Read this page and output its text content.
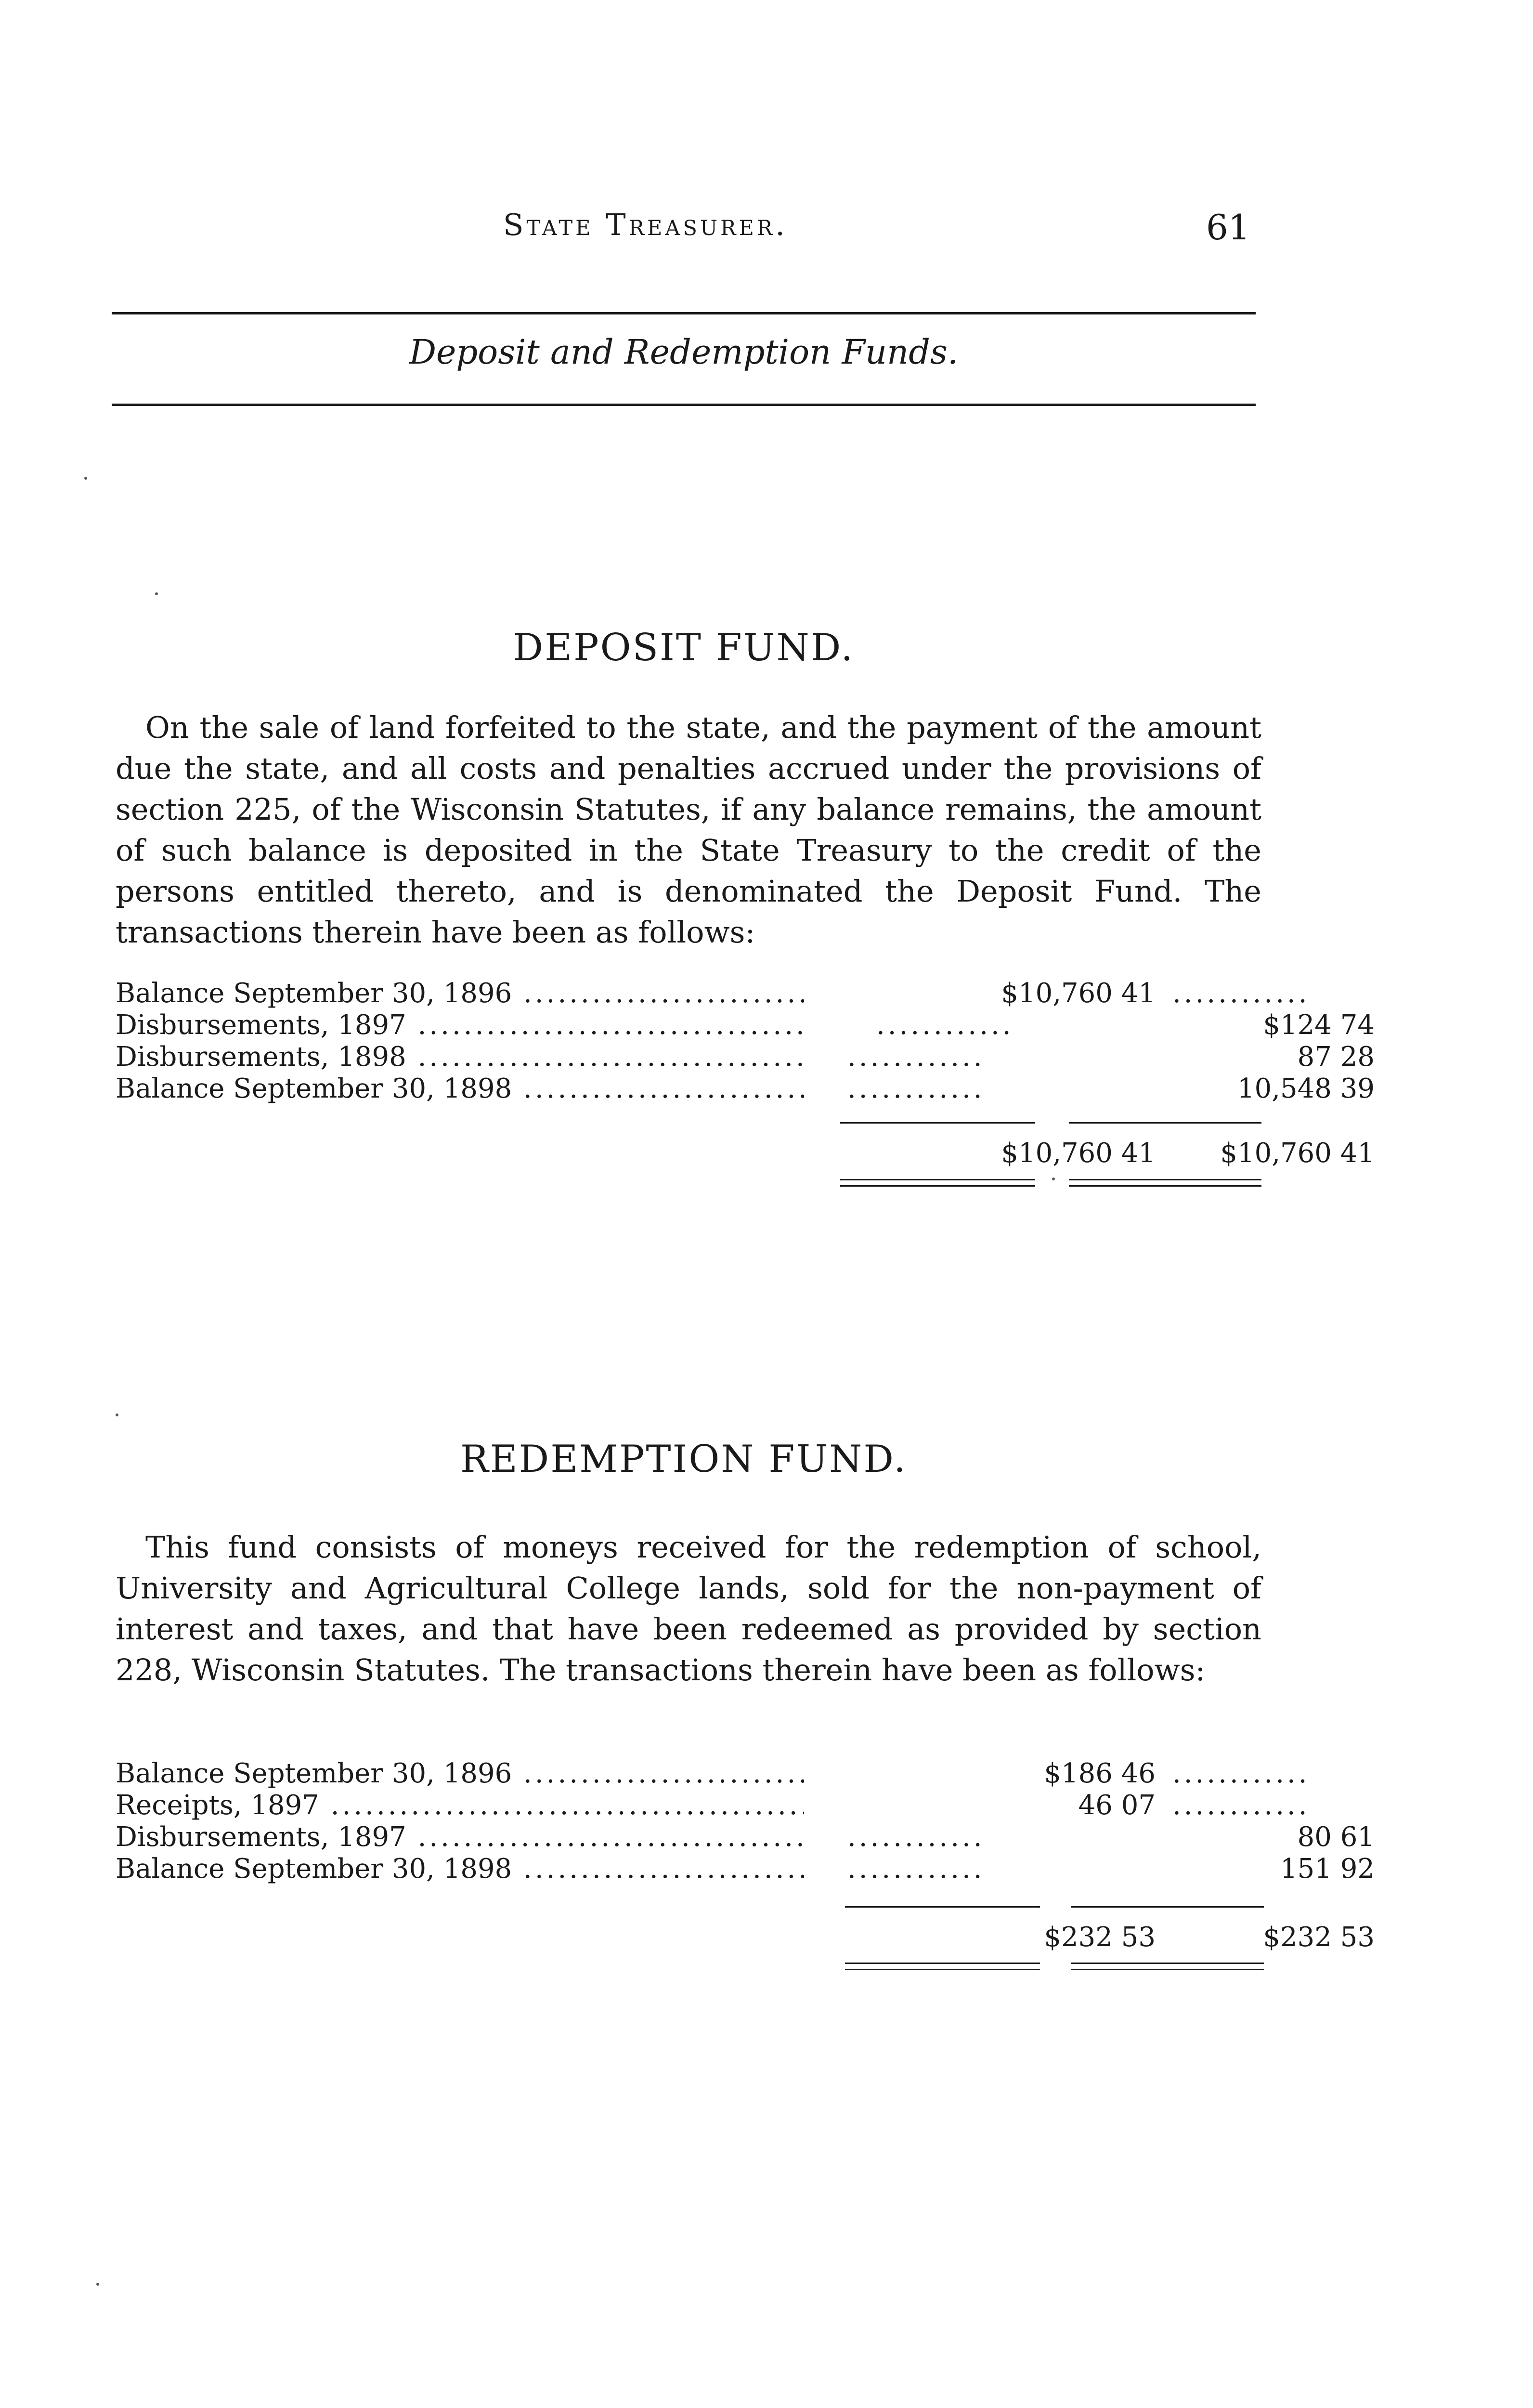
State Treasurer.	61
Deposit and Redemption Funds.
DEPOSIT FUND.

On the sale of land forfeited to the state, and the payment of the amount due the state, and all costs and penalties accrued under the provisions of section 225, of the Wisconsin Statutes, if any balance remains, the amount of such balance is deposited in the State Treasury to the credit of the persons entitled thereto, and is denominated the Deposit Fund. The transactions therein have been as follows:

Balance September 30, 1896 .....	$10,760 41 ............
Disbursements, 1897 .....	............	$124 74
Disbursements, 1898 .....	............	87 28
Balance September 30, 1898 .....	............	10,548 39
$10,760 41	$10,760 41
REDEMPTION FUND.

This fund consists of moneys received for the redemption of school, University and Agricultural College lands, sold for the non-payment of interest and taxes, and that have been redeemed as provided by section 228, Wisconsin Statutes. The transactions therein have been as follows:

Balance September 30, 1896 .....	$186 46 ............
Receipts, 1897 .....	46 07 ............
Disbursements, 1897 .....	............	80 61
Balance September 30, 1898 .....	............	151 92
$232 53	$232 53
